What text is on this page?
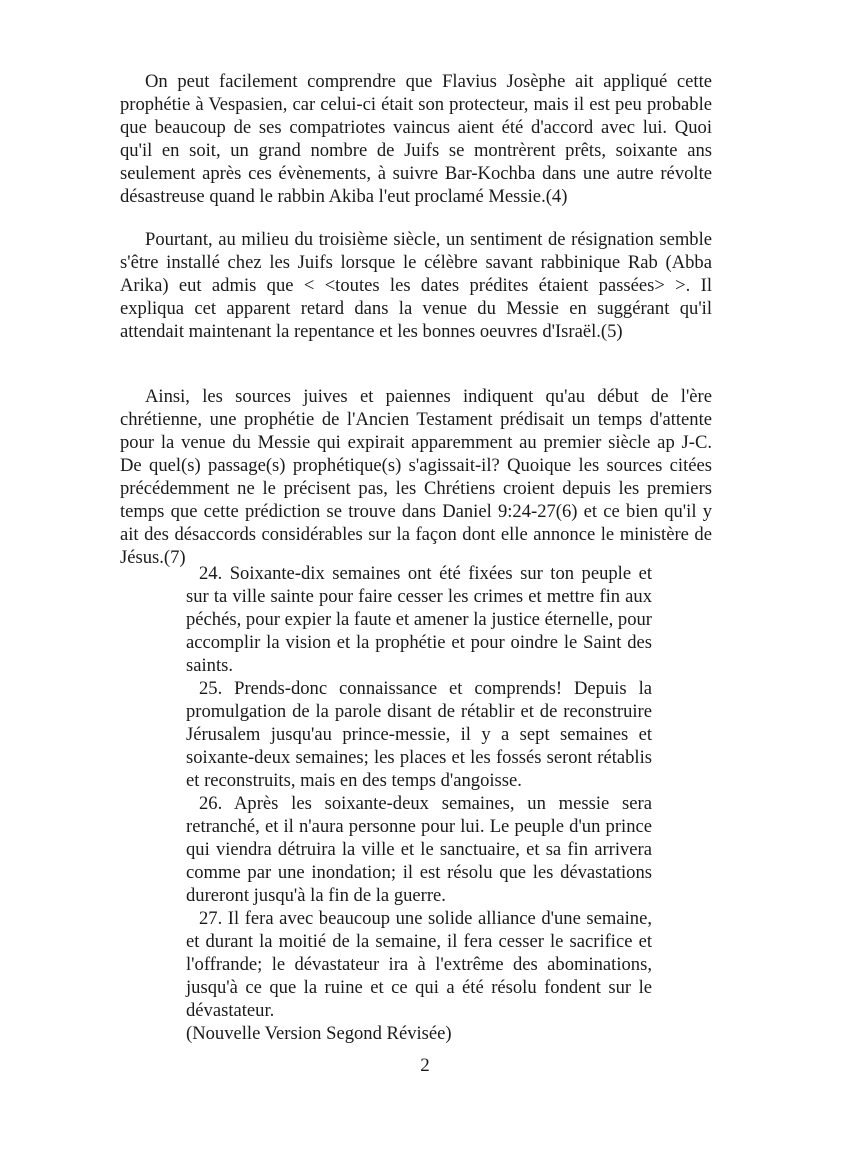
On peut facilement comprendre que Flavius Josèphe ait appliqué cette prophétie à Vespasien, car celui-ci était son protecteur, mais il est peu probable que beaucoup de ses compatriotes vaincus aient été d'accord avec lui. Quoi qu'il en soit, un grand nombre de Juifs se montrèrent prêts, soixante ans seulement après ces évènements, à suivre Bar-Kochba dans une autre révolte désastreuse quand le rabbin Akiba l'eut proclamé Messie.(4)

Pourtant, au milieu du troisième siècle, un sentiment de résignation semble s'être installé chez les Juifs lorsque le célèbre savant rabbinique Rab (Abba Arika) eut admis que < <toutes les dates prédites étaient passées> >. Il expliqua cet apparent retard dans la venue du Messie en suggérant qu'il attendait maintenant la repentance et les bonnes oeuvres d'Israël.(5)

Ainsi, les sources juives et paiennes indiquent qu'au début de l'ère chrétienne, une prophétie de l'Ancien Testament prédisait un temps d'attente pour la venue du Messie qui expirait apparemment au premier siècle ap J-C. De quel(s) passage(s) prophétique(s) s'agissait-il? Quoique les sources citées précédemment ne le précisent pas, les Chrétiens croient depuis les premiers temps que cette prédiction se trouve dans Daniel 9:24-27(6) et ce bien qu'il y ait des désaccords considérables sur la façon dont elle annonce le ministère de Jésus.(7)

24. Soixante-dix semaines ont été fixées sur ton peuple et sur ta ville sainte pour faire cesser les crimes et mettre fin aux péchés, pour expier la faute et amener la justice éternelle, pour accomplir la vision et la prophétie et pour oindre le Saint des saints.

25. Prends-donc connaissance et comprends! Depuis la promulgation de la parole disant de rétablir et de reconstruire Jérusalem jusqu'au prince-messie, il y a sept semaines et soixante-deux semaines; les places et les fossés seront rétablis et reconstruits, mais en des temps d'angoisse.

26. Après les soixante-deux semaines, un messie sera retranché, et il n'aura personne pour lui. Le peuple d'un prince qui viendra détruira la ville et le sanctuaire, et sa fin arrivera comme par une inondation; il est résolu que les dévastations dureront jusqu'à la fin de la guerre.

27. Il fera avec beaucoup une solide alliance d'une semaine, et durant la moitié de la semaine, il fera cesser le sacrifice et l'offrande; le dévastateur ira à l'extrême des abominations, jusqu'à ce que la ruine et ce qui a été résolu fondent sur le dévastateur.

(Nouvelle Version Segond Révisée)

2
